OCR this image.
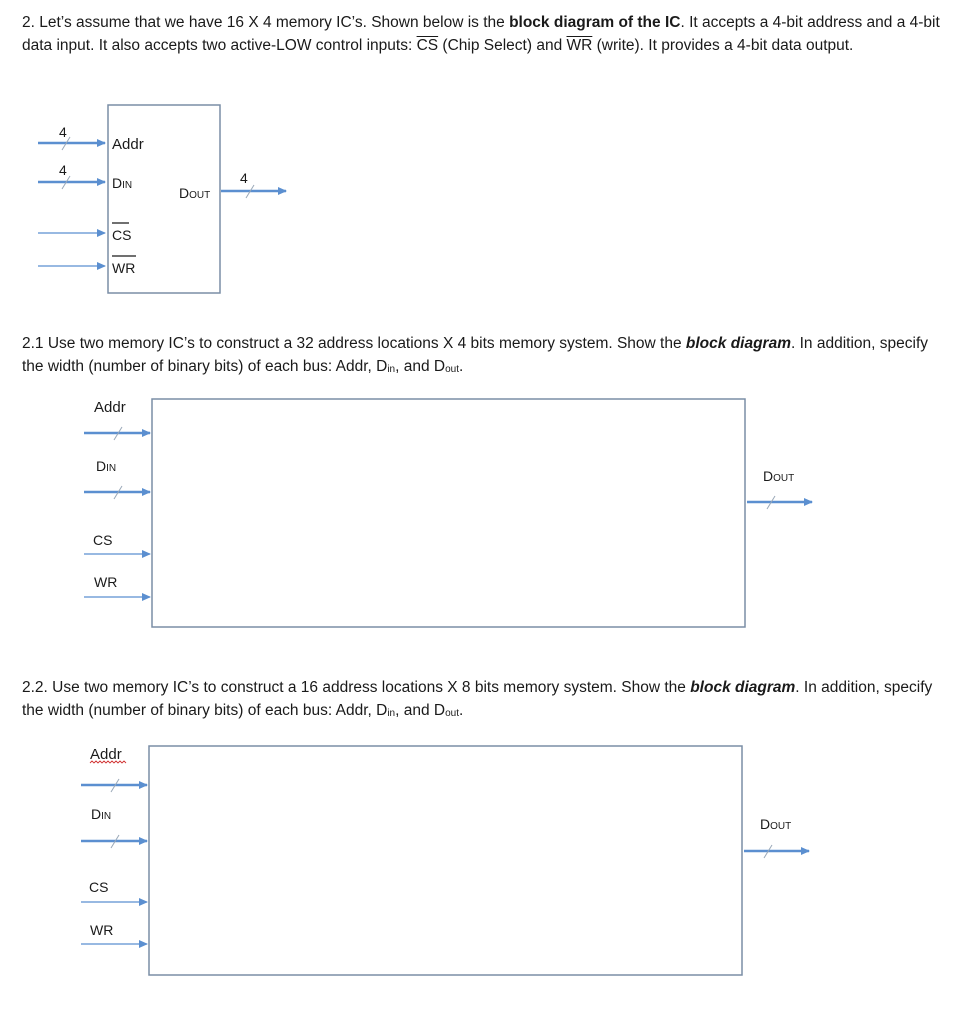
2. Let’s assume that we have 16 X 4 memory IC’s. Shown below is the block diagram of the IC. It accepts a 4-bit address and a 4-bit data input. It also accepts two active-LOW control inputs: $\overline{CS}$ (Chip Select) and $\overline{WR}$ (write). It provides a 4-bit data output.

2.1 Use two memory IC’s to construct a 32 address locations X 4 bits memory system. Show the block diagram. In addition, specify the width (number of binary bits) of each bus: Addr, Din, and Dout.

2.2. Use two memory IC’s to construct a 16 address locations X 8 bits memory system. Show the block diagram. In addition, specify the width (number of binary bits) of each bus: Addr, Din, and Dout.

4
Addr
4
DIN	4
DOUT
CS
WR
Addr
DIN
CS
WR
DOUT
Addr
DIN
CS
WR
DOUT
